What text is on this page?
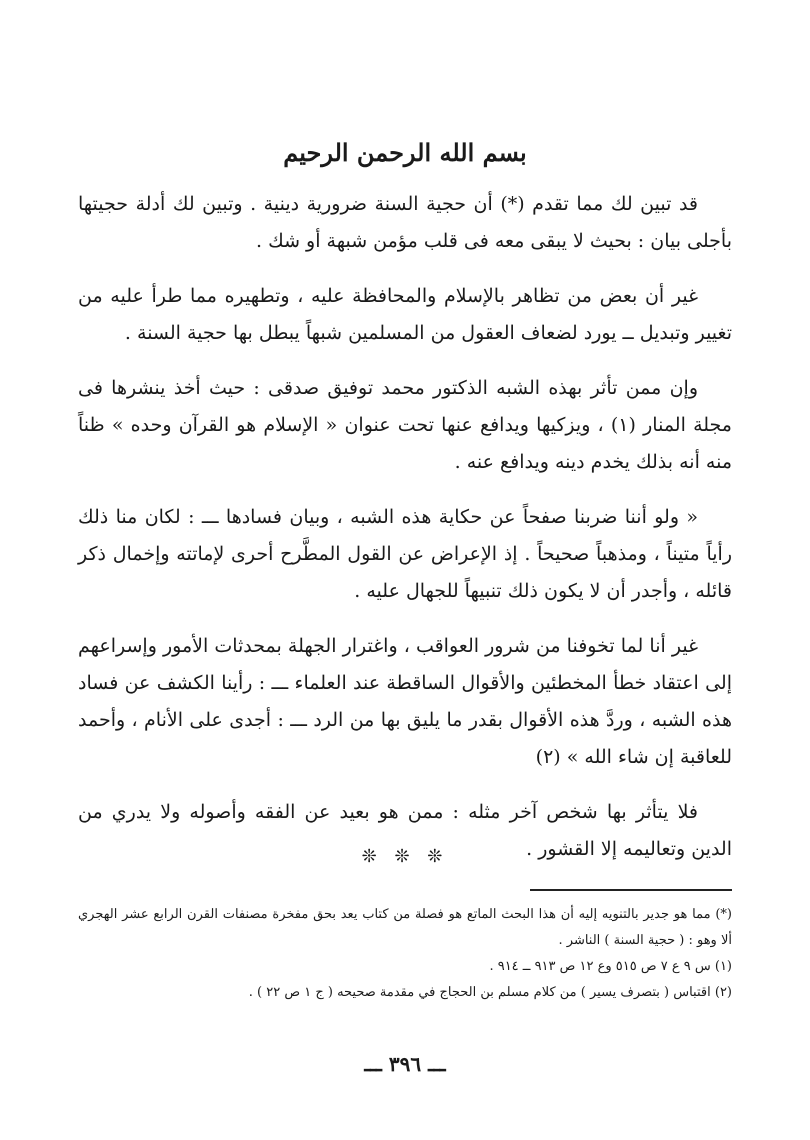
بسم الله الرحمن الرحيم

قد تبين لك مما تقدم (*) أن حجية السنة ضرورية دينية . وتبين لك أدلة حجيتها بأجلى بيان : بحيث لا يبقى معه فى قلب مؤمن شبهة أو شك .

غير أن بعض من تظاهر بالإسلام والمحافظة عليه ، وتطهيره مما طرأ عليه من تغيير وتبديل ــ يورد لضعاف العقول من المسلمين شبهاً يبطل بها حجية السنة .

وإن ممن تأثر بهذه الشبه الذكتور محمد توفيق صدقى : حيث أخذ ينشرها فى مجلة المنار (١) ، ويزكيها ويدافع عنها تحت عنوان « الإسلام هو القرآن وحده » ظناً منه أنه بذلك يخدم دينه ويدافع عنه .

« ولو أننا ضربنا صفحاً عن حكاية هذه الشبه ، وبيان فسادها ـــ : لكان منا ذلك رأياً متيناً ، ومذهباً صحيحاً . إذ الإعراض عن القول المطَّرح أحرى لإماتته وإخمال ذكر قائله ، وأجدر أن لا يكون ذلك تنبيهاً للجهال عليه .

غير أنا لما تخوفنا من شرور العواقب ، واغترار الجهلة بمحدثات الأمور وإسراعهم إلى اعتقاد خطأ المخطئين والأقوال الساقطة عند العلماء ـــ : رأينا الكشف عن فساد هذه الشبه ، وردَّ هذه الأقوال بقدر ما يليق بها من الرد ـــ : أجدى على الأنام ، وأحمد للعاقبة إن شاء الله » (٢)

فلا يتأثر بها شخص آخر مثله : ممن هو بعيد عن الفقه وأصوله ولا يدري من الدين وتعاليمه إلا القشور .

❊ ❊ ❊
(*) مما هو جدير بالتنويه إليه أن هذا البحث الماتع هو فصلة من كتاب يعد بحق مفخرة مصنفات القرن الرابع عشر الهجري ألا وهو : ( حجية السنة ) الناشر .
(١) س ٩ ع ٧ ص ٥١٥ وع ١٢ ص ٩١٣ ــ ٩١٤ .
(٢) اقتباس ( بتصرف يسير ) من كلام مسلم بن الحجاج في مقدمة صحيحه ( ج ١ ص ٢٢ ) .
ـــ ٣٩٦ ـــ
